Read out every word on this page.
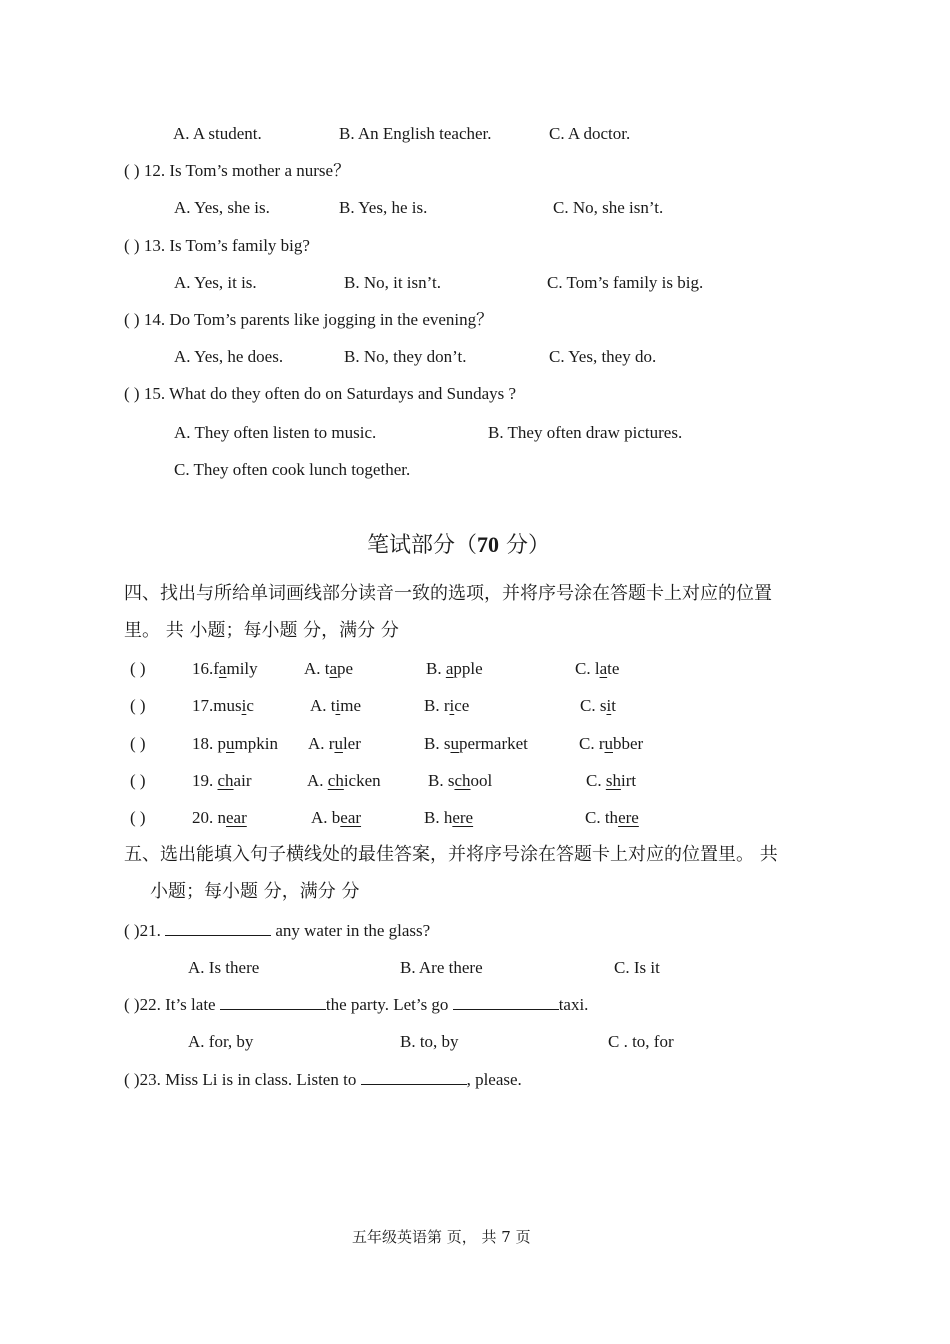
A. A student.	B. An English teacher.	C. A doctor.
( ) 12. Is Tom’s mother a nurse？
A. Yes, she is.	B. Yes, he is.	C. No, she isn’t.
( ) 13. Is Tom’s family big?
A. Yes, it is.	B. No, it isn’t.	C. Tom’s family is big.
( ) 14. Do Tom’s parents like jogging in the evening？
A. Yes, he does.	B. No, they don’t.	C. Yes, they do.
( ) 15. What do they often do on Saturdays and Sundays ?
A. They often listen to music.	B. They often draw pictures.
C. They often cook lunch together.
笔试部分（70 分）
四、找出与所给单词画线部分读音一致的选项，并将序号涂在答题卡上对应的位置
里。 共 小题；每小题 分，满分 分
( )	16.family	A. tape	B. apple	C. late
( )	17.music	A. time	B. rice	C. sit
( )	18. pumpkin A. ruler	B. supermarket	C. rubber
( )	19. chair	A. chicken	B. school	C. shirt
( )	20. near	A. bear	B. here	C. there
五、选出能填入句子横线处的最佳答案，并将序号涂在答题卡上对应的位置里。 共
小题；每小题 分，满分 分
( )21.	any water in the glass?
A. Is there	B. Are there	C. Is it
( )22. It’s late	the party. Let’s go	taxi.
A. for, by	B. to, by	C . to, for
( )23. Miss Li is in class. Listen to	, please.
五年级英语第 页， 共 7 页
